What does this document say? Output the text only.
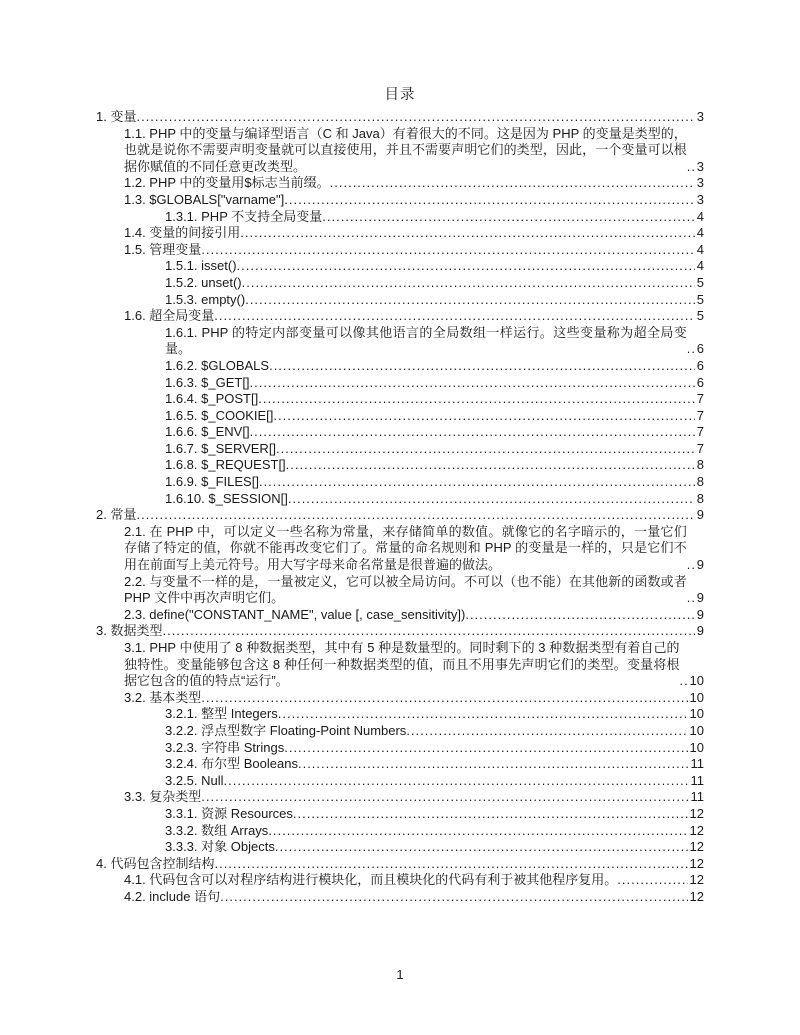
目录
1. 变量 .....	3
1.1. PHP 中的变量与编译型语言（C 和 Java）有着很大的不同。这是因为 PHP 的变量是类型的，也就是说你不需要声明变量就可以直接使用，并且不需要声明它们的类型，因此，一个变量可以根据你赋值的不同任意更改类型。 .....	3
1.2. PHP 中的变量用$标志当前缀。 .....	3
1.3. $GLOBALS["varname"] .....	3
1.3.1. PHP 不支持全局变量 .....	4
1.4. 变量的间接引用 .....	4
1.5. 管理变量 .....	4
1.5.1. isset() .....	4
1.5.2. unset() .....	5
1.5.3. empty() .....	5
1.6. 超全局变量 .....	5
1.6.1. PHP 的特定内部变量可以像其他语言的全局数组一样运行。这些变量称为超全局变量。 .....	6
1.6.2. $GLOBALS .....	6
1.6.3. $_GET[] .....	6
1.6.4. $_POST[] .....	7
1.6.5. $_COOKIE[] .....	7
1.6.6. $_ENV[] .....	7
1.6.7. $_SERVER[] .....	7
1.6.8. $_REQUEST[] .....	8
1.6.9. $_FILES[] .....	8
1.6.10. $_SESSION[] .....	8
2. 常量 .....	9
2.1. 在 PHP 中，可以定义一些名称为常量，来存储简单的数值。就像它的名字暗示的，一量它们存储了特定的值，你就不能再改变它们了。常量的命名规则和 PHP 的变量是一样的，只是它们不用在前面写上美元符号。用大写字母来命名常量是很普遍的做法。 .....	9
2.2. 与变量不一样的是，一量被定义，它可以被全局访问。不可以（也不能）在其他新的函数或者 PHP 文件中再次声明它们。 .....	9
2.3. define("CONSTANT_NAME", value [, case_sensitivity]) .....	9
3. 数据类型 .....	9
3.1. PHP 中使用了 8 种数据类型，其中有 5 种是数量型的。同时剩下的 3 种数据类型有着自己的独特性。变量能够包含这 8 种任何一种数据类型的值，而且不用事先声明它们的类型。变量将根据它包含的值的特点“运行”。 .....	10
3.2. 基本类型 .....	10
3.2.1. 整型 Integers .....	10
3.2.2. 浮点型数字 Floating-Point Numbers .....	10
3.2.3. 字符串 Strings .....	10
3.2.4. 布尔型 Booleans .....	11
3.2.5. Null .....	11
3.3. 复杂类型 .....	11
3.3.1. 资源 Resources .....	12
3.3.2. 数组 Arrays .....	12
3.3.3. 对象 Objects .....	12
4. 代码包含控制结构 .....	12
4.1. 代码包含可以对程序结构进行模块化，而且模块化的代码有利于被其他程序复用。 .....	12
4.2. include 语句 .....	12
1
